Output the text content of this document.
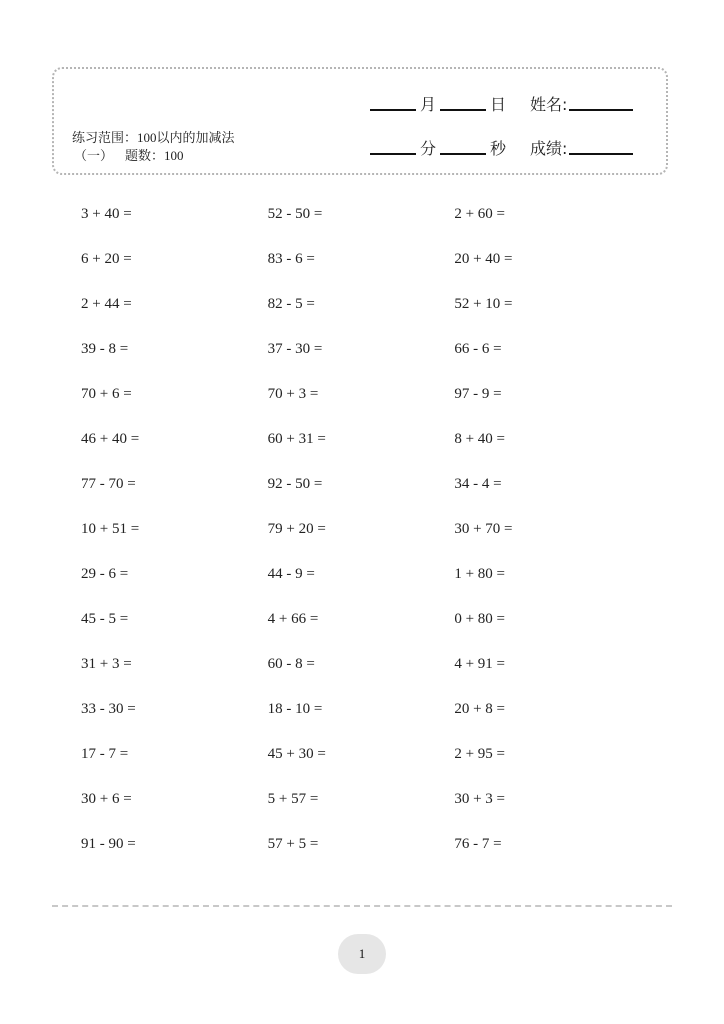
练习范围：100以内的加减法
（一） 题数：100
月	日 姓名:
分	秒 成绩:
3 + 40 =	52 - 50 =	2 + 60 =
6 + 20 =	83 - 6 =	20 + 40 =
2 + 44 =	82 - 5 =	52 + 10 =
39 - 8 =	37 - 30 =	66 - 6 =
70 + 6 =	70 + 3 =	97 - 9 =
46 + 40 =	60 + 31 =	8 + 40 =
77 - 70 =	92 - 50 =	34 - 4 =
10 + 51 =	79 + 20 =	30 + 70 =
29 - 6 =	44 - 9 =	1 + 80 =
45 - 5 =	4 + 66 =	0 + 80 =
31 + 3 =	60 - 8 =	4 + 91 =
33 - 30 =	18 - 10 =	20 + 8 =
17 - 7 =	45 + 30 =	2 + 95 =
30 + 6 =	5 + 57 =	30 + 3 =
91 - 90 =	57 + 5 =	76 - 7 =
1
